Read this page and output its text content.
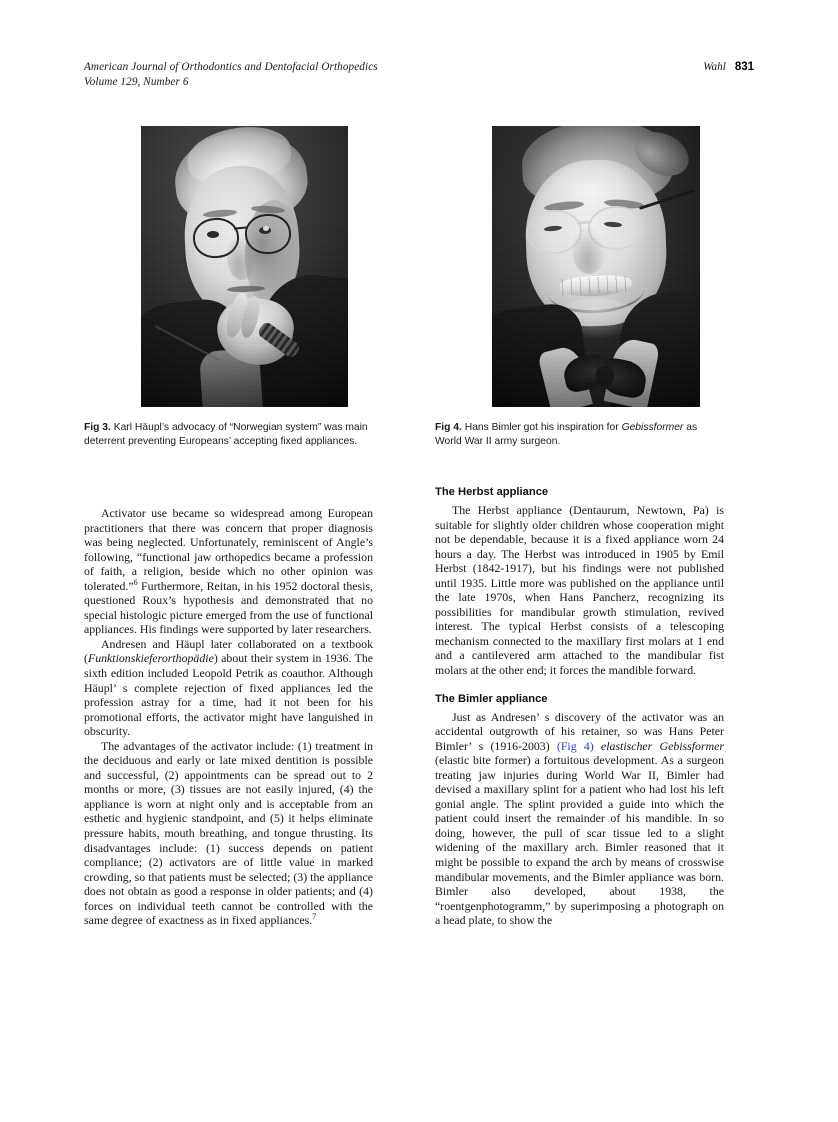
American Journal of Orthodontics and Dentofacial Orthopedics
Volume 129, Number 6
Wahl 831
Fig 3. Karl Häupl’s advocacy of “Norwegian system” was main deterrent preventing Europeans’ accepting fixed appliances.
Fig 4. Hans Bimler got his inspiration for Gebissformer as World War II army surgeon.

Activator use became so widespread among European practitioners that there was concern that proper diagnosis was being neglected. Unfortunately, reminiscent of Angle’s following, “functional jaw orthopedics became a profession of faith, a religion, beside which no other opinion was tolerated.”$^6$ Furthermore, Reitan, in his 1952 doctoral thesis, questioned Roux’s hypothesis and demonstrated that no special histologic picture emerged from the use of functional appliances. His findings were supported by later researchers.

Andresen and Häupl later collaborated on a textbook (Funktionskieferorthopädie) about their system in 1936. The sixth edition included Leopold Petrik as coauthor. Although Häupl’ s complete rejection of fixed appliances led the profession astray for a time, had it not been for his promotional efforts, the activator might have languished in obscurity.

The advantages of the activator include: (1) treatment in the deciduous and early or late mixed dentition is possible and successful, (2) appointments can be spread out to 2 months or more, (3) tissues are not easily injured, (4) the appliance is worn at night only and is acceptable from an esthetic and hygienic standpoint, and (5) it helps eliminate pressure habits, mouth breathing, and tongue thrusting. Its disadvantages include: (1) success depends on patient compliance; (2) activators are of little value in marked crowding, so that patients must be selected; (3) the appliance does not obtain as good a response in older patients; and (4) forces on individual teeth cannot be controlled with the same degree of exactness as in fixed appliances.$^7$

The Herbst appliance

The Herbst appliance (Dentaurum, Newtown, Pa) is suitable for slightly older children whose cooperation might not be dependable, because it is a fixed appliance worn 24 hours a day. The Herbst was introduced in 1905 by Emil Herbst (1842-1917), but his findings were not published until 1935. Little more was published on the appliance until the late 1970s, when Hans Pancherz, recognizing its possibilities for mandibular growth stimulation, revived interest. The typical Herbst consists of a telescoping mechanism connected to the maxillary first molars at 1 end and a cantilevered arm attached to the mandibular fist molars at the other end; it forces the mandible forward.

The Bimler appliance

Just as Andresen’ s discovery of the activator was an accidental outgrowth of his retainer, so was Hans Peter Bimler’ s (1916-2003) (Fig 4) elastischer Gebissformer (elastic bite former) a fortuitous development. As a surgeon treating jaw injuries during World War II, Bimler had devised a maxillary splint for a patient who had lost his left gonial angle. The splint provided a guide into which the patient could insert the remainder of his mandible. In so doing, however, the pull of scar tissue led to a slight widening of the maxillary arch. Bimler reasoned that it might be possible to expand the arch by means of crosswise mandibular movements, and the Bimler appliance was born. Bimler also developed, about 1938, the “roentgenphotogramm,” by superimposing a photograph on a head plate, to show the
